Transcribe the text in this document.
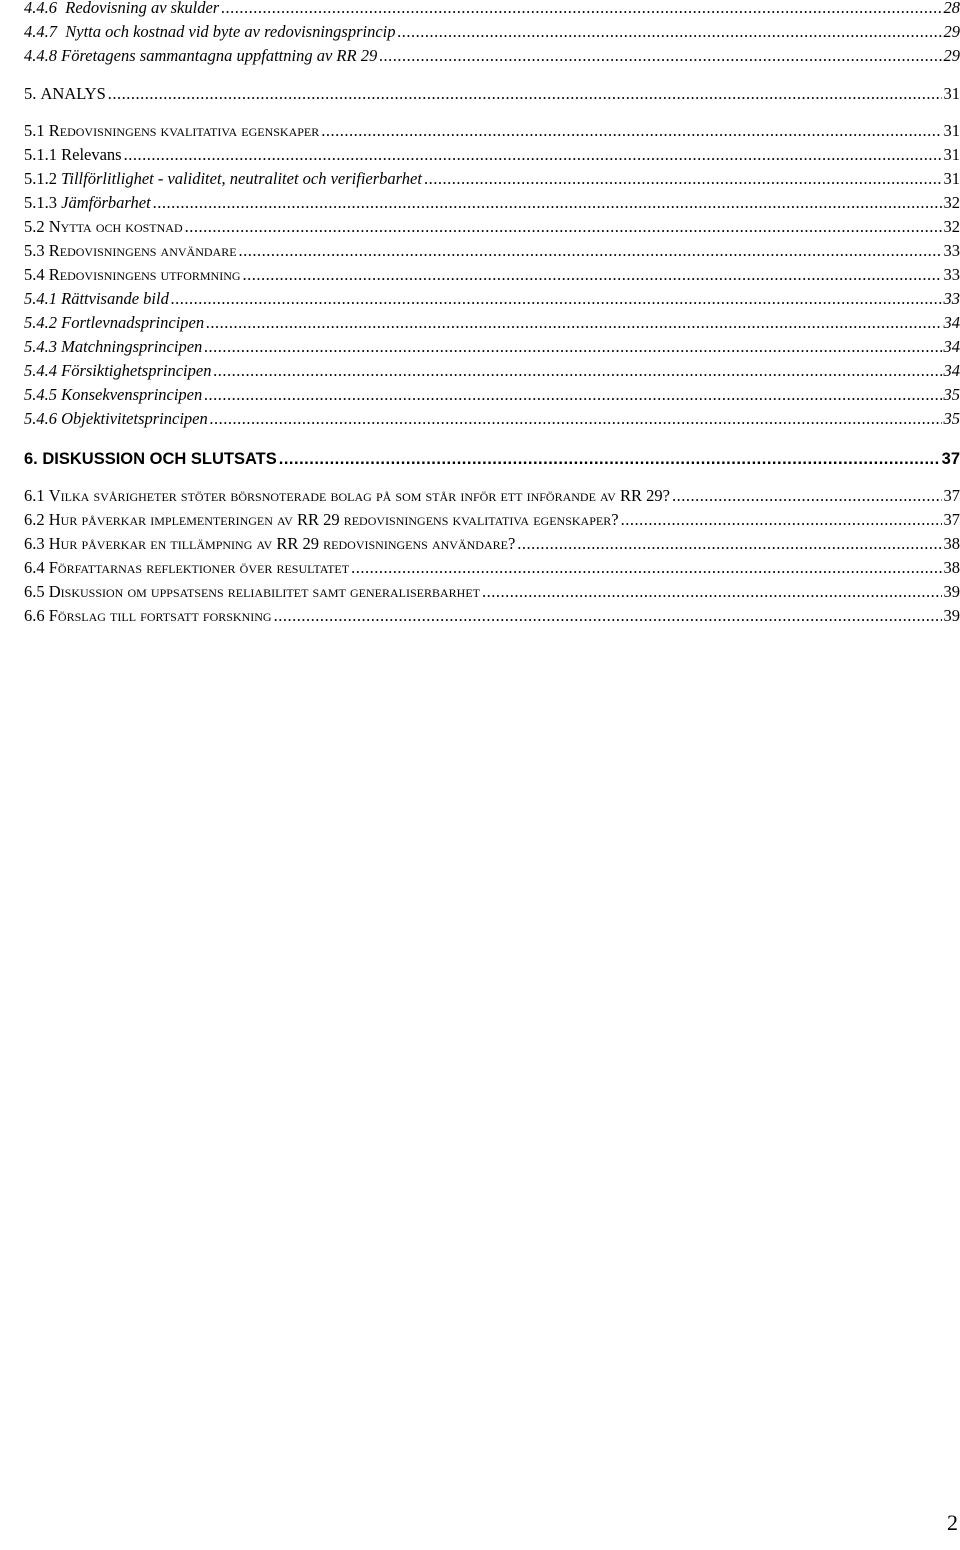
4.4.6 Redovisning av skulder .....	28
4.4.7 Nytta och kostnad vid byte av redovisningsprincip .....	29
4.4.8 Företagens sammantagna uppfattning av RR 29 .....	29
5. ANALYS .....	31
5.1 Redovisningens kvalitativa egenskaper .....	31
5.1.1 Relevans .....	31
5.1.2 Tillförlitlighet - validitet, neutralitet och verifierbarhet .....	31
5.1.3 Jämförbarhet .....	32
5.2 Nytta och kostnad .....	32
5.3 Redovisningens användare .....	33
5.4 Redovisningens utformning .....	33
5.4.1 Rättvisande bild .....	33
5.4.2 Fortlevnadsprincipen .....	34
5.4.3 Matchningsprincipen .....	34
5.4.4 Försiktighetsprincipen .....	34
5.4.5 Konsekvensprincipen .....	35
5.4.6 Objektivitetsprincipen .....	35
6. DISKUSSION OCH SLUTSATS .....	37
6.1 Vilka svårigheter stöter börsnoterade bolag på som står inför ett införande av RR 29? .....	37
6.2 Hur påverkar implementeringen av RR 29 redovisningens kvalitativa egenskaper? .....	37
6.3 Hur påverkar en tillämpning av RR 29 redovisningens användare? .....	38
6.4 Författarnas reflektioner över resultatet .....	38
6.5 Diskussion om uppsatsens reliabilitet samt generaliserbarhet .....	39
6.6 Förslag till fortsatt forskning .....	39
2
